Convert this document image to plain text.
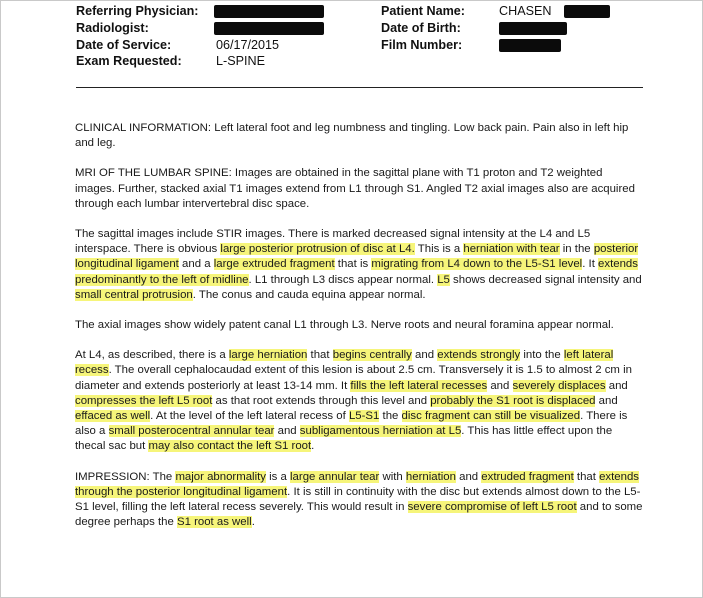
Referring Physician:
Radiologist:
Date of Service:	06/17/2015
Exam Requested:	L-SPINE
Patient Name:	CHASEN
Date of Birth:
Film Number:

CLINICAL INFORMATION: Left lateral foot and leg numbness and tingling. Low back pain. Pain also in left hip and leg.

MRI OF THE LUMBAR SPINE: Images are obtained in the sagittal plane with T1 proton and T2 weighted images. Further, stacked axial T1 images extend from L1 through S1. Angled T2 axial images also are acquired through each lumbar intervertebral disc space.

The sagittal images include STIR images. There is marked decreased signal intensity at the L4 and L5 interspace. There is obvious large posterior protrusion of disc at L4. This is a herniation with tear in the posterior longitudinal ligament and a large extruded fragment that is migrating from L4 down to the L5-S1 level. It extends predominantly to the left of midline. L1 through L3 discs appear normal. L5 shows decreased signal intensity and small central protrusion. The conus and cauda equina appear normal.

The axial images show widely patent canal L1 through L3. Nerve roots and neural foramina appear normal.

At L4, as described, there is a large herniation that begins centrally and extends strongly into the left lateral recess. The overall cephalocaudad extent of this lesion is about 2.5 cm. Transversely it is 1.5 to almost 2 cm in diameter and extends posteriorly at least 13-14 mm. It fills the left lateral recesses and severely displaces and compresses the left L5 root as that root extends through this level and probably the S1 root is displaced and effaced as well. At the level of the left lateral recess of L5-S1 the disc fragment can still be visualized. There is also a small posterocentral annular tear and subligamentous herniation at L5. This has little effect upon the thecal sac but may also contact the left S1 root.

IMPRESSION: The major abnormality is a large annular tear with herniation and extruded fragment that extends through the posterior longitudinal ligament. It is still in continuity with the disc but extends almost down to the L5-S1 level, filling the left lateral recess severely. This would result in severe compromise of left L5 root and to some degree perhaps the S1 root as well.
